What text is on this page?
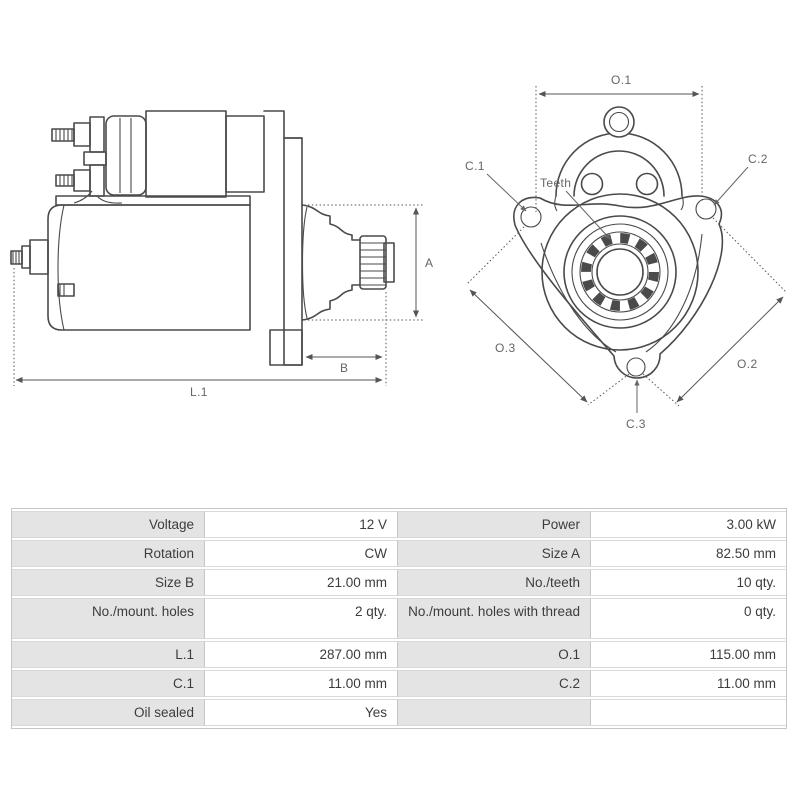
A
B
L.1
O.1
C.1	C.2
C.3
Teeth
O.3
O.2
Voltage	12 V	Power	3.00 kW
Rotation	CW	Size A	82.50 mm
Size B	21.00 mm	No./teeth	10 qty.
No./mount. holes	2 qty.	No./mount. holes with thread	0 qty.
L.1	287.00 mm	O.1	115.00 mm
C.1	11.00 mm	C.2	11.00 mm
Oil sealed	Yes		
